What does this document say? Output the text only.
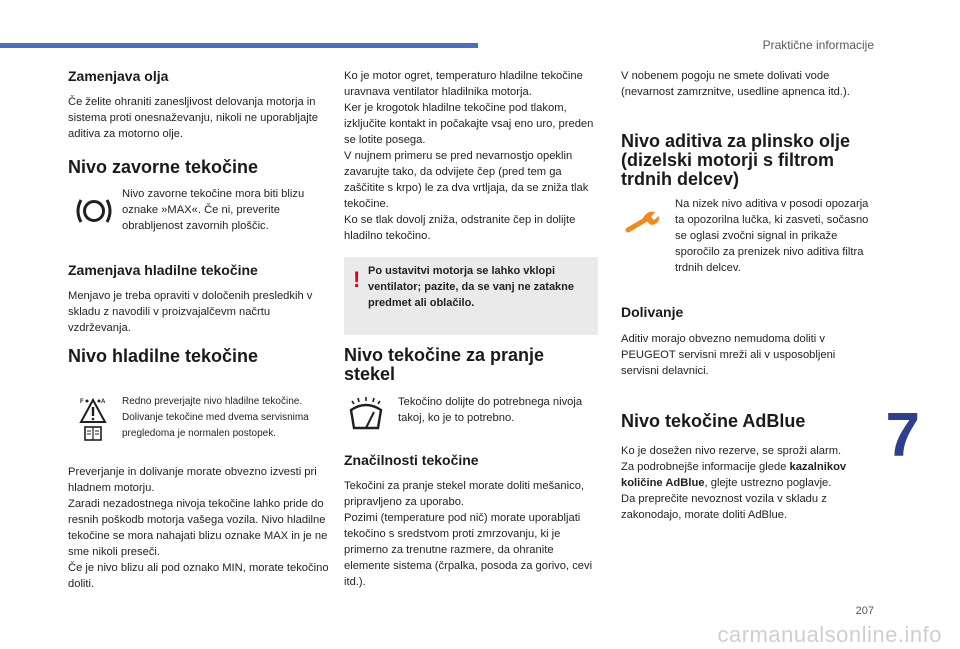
Praktične informacije
Zamenjava olja

Če želite ohraniti zanesljivost delovanja motorja in sistema proti onesnaževanju, nikoli ne uporabljajte aditiva za motorno olje.

Nivo zavorne tekočine

Nivo zavorne tekočine mora biti blizu oznake »MAX«. Če ni, preverite obrabljenost zavornih ploščic.

Zamenjava hladilne tekočine

Menjavo je treba opraviti v določenih presledkih v skladu z navodili v proizvajalčevm načrtu vzdrževanja.

Nivo hladilne tekočine
F	A Redno preverjajte nivo hladilne tekočine. Dolivanje tekočine med dvema servisnima pregledoma je normalen postopek.

Preverjanje in dolivanje morate obvezno izvesti pri hladnem motorju.
Zaradi nezadostnega nivoja tekočine lahko pride do resnih poškodb motorja vašega vozila. Nivo hladilne tekočine se mora nahajati blizu oznake MAX in je ne sme nikoli preseči.
Če je nivo blizu ali pod oznako MIN, morate tekočino doliti.

Ko je motor ogret, temperaturo hladilne tekočine uravnava ventilator hladilnika motorja.
Ker je krogotok hladilne tekočine pod tlakom, izključite kontakt in počakajte vsaj eno uro, preden se lotite posega.
V nujnem primeru se pred nevarnostjo opeklin zavarujte tako, da odvijete čep (pred tem ga zaščitite s krpo) le za dva vrtljaja, da se zniža tlak tekočine.
Ko se tlak dovolj zniža, odstranite čep in dolijte hladilno tekočino.

! Po ustavitvi motorja se lahko vklopi ventilator; pazite, da se vanj ne zatakne predmet ali oblačilo.

Nivo tekočine za pranje stekel

Tekočino dolijte do potrebnega nivoja takoj, ko je to potrebno.

Značilnosti tekočine

Tekočini za pranje stekel morate doliti mešanico, pripravljeno za uporabo.
Pozimi (temperature pod nič) morate uporabljati tekočino s sredstvom proti zmrzovanju, ki je primerno za trenutne razmere, da ohranite elemente sistema (črpalka, posoda za gorivo, cevi itd.).

V nobenem pogoju ne smete dolivati vode (nevarnost zamrznitve, usedline apnenca itd.).

Nivo aditiva za plinsko olje (dizelski motorji s filtrom trdnih delcev)

Na nizek nivo aditiva v posodi opozarja ta opozorilna lučka, ki zasveti, sočasno se oglasi zvočni signal in prikaže sporočilo za prenizek nivo aditiva filtra trdnih delcev.

Dolivanje

Aditiv morajo obvezno nemudoma doliti v PEUGEOT servisni mreži ali v usposobljeni servisni delavnici.

Nivo tekočine AdBlue

Ko je dosežen nivo rezerve, se sproži alarm.
Za podrobnejše informacije glede kazalnikov količine AdBlue, glejte ustrezno poglavje.
Da preprečite nevoznost vozila v skladu z zakonodajo, morate doliti AdBlue.

7
207
carmanualsonline.info
